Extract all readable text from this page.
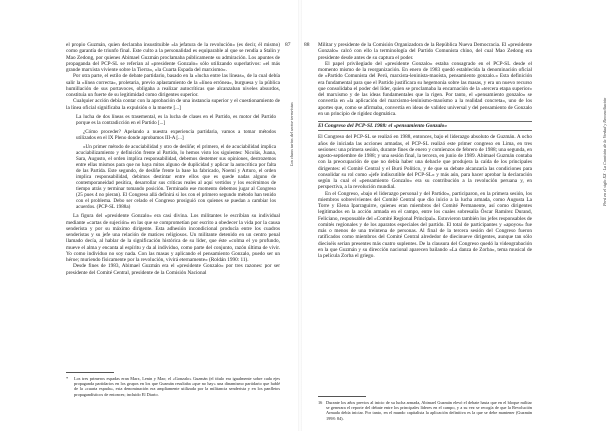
87
Los chaos tarios del sector terroristas

el propio Guzmán, quien declaraba insustituible «la jefatura de la revolución» (es decir, él mismo) como garantía de triunfo final. Este culto a la personalidad es equiparable al que se rendía a Stalin y Mao Zedong, por quienes Abimael Guzmán proclamaba públicamente su admiración. Los apuntes de propaganda del PCP-SL se referían al «presidente Gonzalo» sólo utilizando superlativos: «el más grande marxista viviente sobre la Tierra», «la Cuarta Espada del marxismo».

Por otra parte, el estilo de debate partidario, basado en la «lucha entre las líneas», de la cual debía salir la «línea correcta», proletaria, previo aplastamiento de la «línea errónea», burguesa y la pública humillación de sus portavoces, obligaba a realizar autocríticas que alcanzaban niveles absurdos, constituía un fuerte de su legitimidad como dirigentes superior.

Cualquier acción debía contar con la aprobación de una instancia superior y el cuestionamiento de la línea oficial significaba la expulsión o la muerte [...]

La lucha de dos líneas es trasemental, es la lucha de clases en el Partido, es motor del Partido porque es la contradicción en el Partido [...]

¿Cómo proceder? Apelando a nuestra experiencia partidaria, vamos a tomar métodos utilizados en el IX Pleno donde aprobamos III-A [...]

«Un primer método de acuciabilidad y otro de desliñe; el primero, el de acuciabilidad implica acuciabilizamiento y definición frente al Partido, lo hemos visto los siguientes: Nicolás, Juana, Sara, Augusto, el orden implica responsabilidad, debemos destemer sus opiniones, destrozemos entre ellas mismos para que no haya mitos alguno de duplicidad y aplicar la autocrítica por falta de las Partida. Este segundo, de desliñe frente la base ha fabricado, Noemí y Arturo, el orden implica responsabilidad, debimos destintar entre ellos que es quede nadas alguno de contemporaneidad pesítica, desarrollar sus críticas reales al aquí vertidos y los escérnimos de tiempo atrás y terminar tomando posición. Terminado ese momento debemos jugar al Congreso (25 pues 4 no pieran). El Congreso allá definirá si los con el primero segundo método han tenido con el problema. Debo ser celado el Congreso prosiguió con quienes se puedan a cambiar los acuerdos. (PCP-SL 1988a)

La figura del «presidente Gonzalo» era casi divina. Los militantes le escribían su individual mediante «cartas de sujeción» en las que se comprometían por escrito a obedecer la vida por la causa senderista y por su máximo dirigente. Esta adhesión incondicional producía entre los cuadros senderistas y su jefe una relación de matices religiosos. Un militante detenido en un centro penal llamado decía, al hablar de la significación histórica de su líder, que éste «colma el yo profundo, mueve el alma y encanta al espíritu y da al individuo, como parte del conjunto, razón última de vivir. Yo como individuo no soy nada. Con las masas y aplicando el pensamiento Gonzalo, puedo ser un héroe; muriendo físicamente por la revolución, vivirá eternamente» (Roldán 1990: 11).

Desde fines de 1983, Abimael Guzmán era el «presidente Gonzalo» por tres razones: por ser presidente del Comité Central, presidente de la Comisión Nacional

*	Los tres primeros espadas eran Marx, Lenin y Mao; el «Gonzalo» Guzmán (el título era igualmente sobre cada ejes propaganda partidarios en los grupos en los que Guzmán resultaba «que no hay» una dinamismo partidario que hablé de la «cuarta espada», esta denominación era ampliamente utilizada por la militancia senderista y en los panfletos propagandísticos de entonces; incluido El Diario.
88
Perú en el siglo XX · La Comisión de la Verdad y Reconciliación

Militar y presidente de la Comisión Organizadora de la República Nueva Democracia. El «presidente Gonzalo» calcó con ello la terminología del Partido Comunista chino, del cual Mao Zedong era presidente desde antes de su captura el poder.

El papel privilegiado del «presidente Gonzalo» estaba consagrado en el PCP-SL desde el momento mismo de la reorganización. En enero de 1983 quedó establecida la denominación oficial de «Partido Comunista del Perú, marxista-leninista-maoísta, pensamiento gonzalo.» Esta definición era fundamental para que el Partido justificara su hegemonía sobre las masas, y era un nuevo recurso que consolidaba el poder del líder, quien se proclamaba la encarnación de la «tercera etapa superior» del marxismo y de las ideas fundamentales que la rigen. Por tanto, el «pensamiento gonzalo» se convertía en «la aplicación del marxismo-leninismo-maoísmo a la realidad concreta», uno de los aportes que, como se afirmaba, convertía en ideas de validez universal y del pensamiento de Gonzalo en un principio de rigidez dogmática.

El Congreso del PCP-SL 1988: el «pensamiento Gonzalo»

El Congreso del PCP-SL se realizó en 1988, entonces, bajo el liderazgo absoluto de Guzmán. A ocho años de iniciada las acciones armadas, el PCP-SL realizó este primer congreso en Lima, en tres sesiones: una primera sesión, durante fines de enero y comienzos de febrero de 1988; una segunda, en agosto-septiembre de 1988; y una sesión final, la tercera, en junio de 1989. Abimael Guzmán contaba con la preocupación de que no debía haber una debacle que produjera la caída de los principales dirigentes: el Comité Central y el Buró Político, y de que su debate alcanzaría las condiciones para consolidar su rol como «jefe indiscutible del PCP-SL» y más aún, para hacer aprobar la declaración según la cual el «pensamiento Gonzalo» era su contribución a la revolución peruana y, en perspectiva, a la revolución mundial.

En el Congreso, «bajo el liderazgo personal y del Partido», participaron, en la primera sesión, los miembros sobrevivientes del Comité Central que dio inicio a la lucha armada, como Augusta La Torre y Elena Iparraguirre, quienes eran miembros del Comité Permanente, así como dirigentes legitimados en la acción armada en el campo, entre los cuales sobresalía Óscar Ramírez Durand, Feliciano, responsable del «Comité Regional Principal». Estuvieron también los jefes responsables de comités regionales y de los aparatos especiales del partido. El total de participantes y «apoyos» fue más o menos de una treintena de personas. Al final de la tercera sesión del Congreso fueron ratificados como miembros del Comité Central alrededor de diecinueve dirigentes, aunque tan sólo dieciséis serían presentes más cuatro suplentes. De la clausura del Congreso quedó la videograbación en la que Guzmán y su dirección nacional aparecen bailando «La danza de Zorba», tema musical de la película Zorba el griego.

16 Durante los años previos al inicio de su lucha armada, Abimael Guzmán elevó el debate hasta que en el bloque militar se generara el reporte del debate entre los principales líderes en el campo, y a su vez se recogía de que la Revolución Armada debía iniciar. Por tanto, en el mundo capitalista la aplicación definitiva es la que se debe mantener (Guzmán 1998: 84).
